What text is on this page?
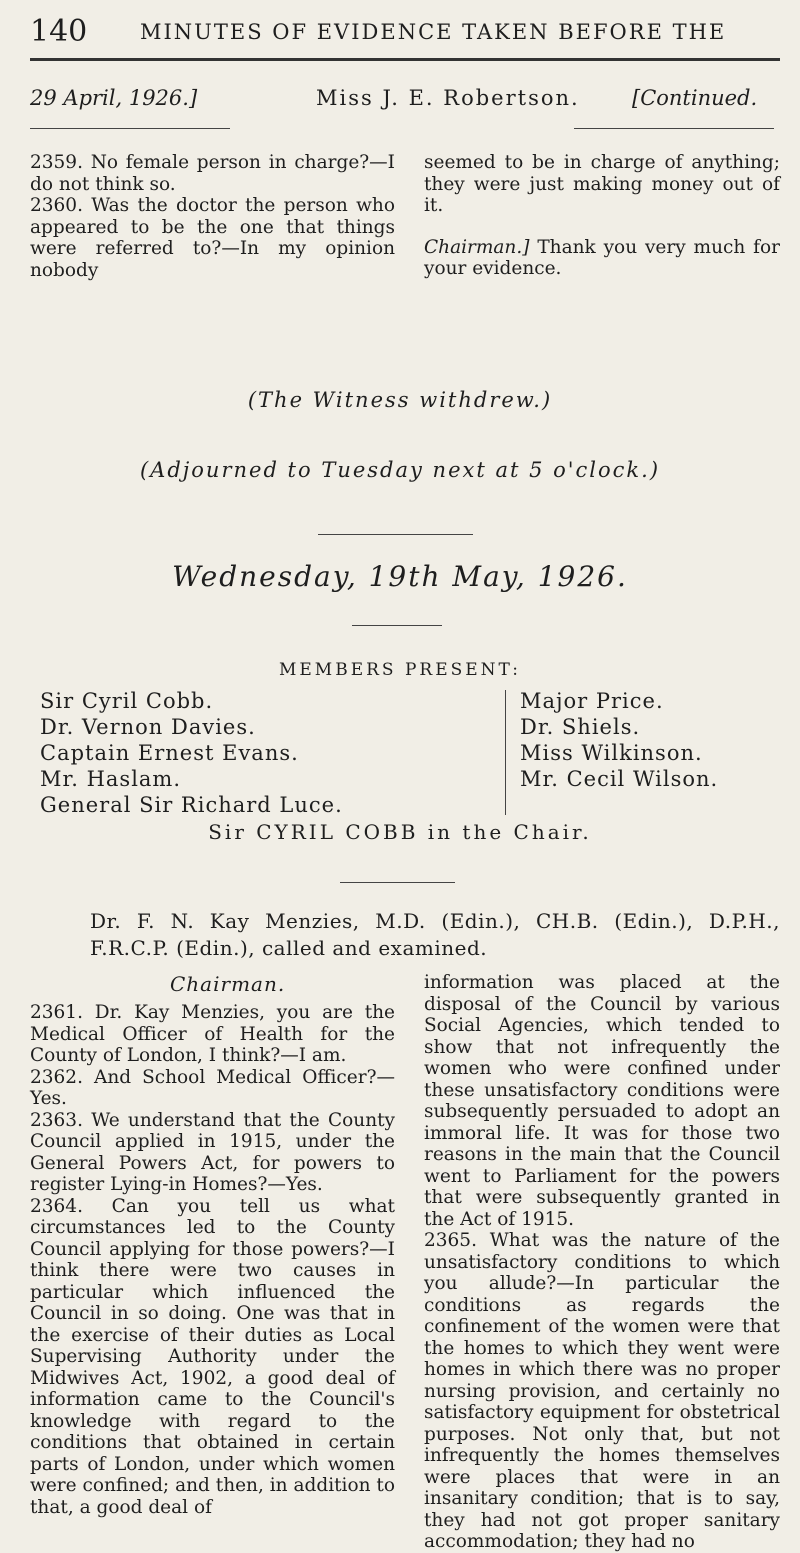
140	MINUTES OF EVIDENCE TAKEN BEFORE THE
29 April, 1926.]	Miss J. E. Robertson. [Continued.

2359. No female person in charge?—I do not think so.

2360. Was the doctor the person who appeared to be the one that things were referred to?—In my opinion nobody

seemed to be in charge of anything; they were just making money out of it.

Chairman.] Thank you very much for your evidence.

(The Witness withdrew.)
(Adjourned to Tuesday next at 5 o'clock.)
Wednesday, 19th May, 1926.
MEMBERS PRESENT:
Sir Cyril Cobb.
Dr. Vernon Davies.
Captain Ernest Evans.
Mr. Haslam.
General Sir Richard Luce.
Major Price.
Dr. Shiels.
Miss Wilkinson.
Mr. Cecil Wilson.
Sir CYRIL COBB in the Chair.
Dr. F. N. Kay Menzies, M.D. (Edin.), CH.B. (Edin.), D.P.H., F.R.C.P. (Edin.), called and examined.
Chairman.

2361. Dr. Kay Menzies, you are the Medical Officer of Health for the County of London, I think?—I am.

2362. And School Medical Officer?—Yes.

2363. We understand that the County Council applied in 1915, under the General Powers Act, for powers to register Lying-in Homes?—Yes.

2364. Can you tell us what circumstances led to the County Council applying for those powers?—I think there were two causes in particular which influenced the Council in so doing. One was that in the exercise of their duties as Local Supervising Authority under the Midwives Act, 1902, a good deal of information came to the Council's knowledge with regard to the conditions that obtained in certain parts of London, under which women were confined; and then, in addition to that, a good deal of

information was placed at the disposal of the Council by various Social Agencies, which tended to show that not infrequently the women who were confined under these unsatisfactory conditions were subsequently persuaded to adopt an immoral life. It was for those two reasons in the main that the Council went to Parliament for the powers that were subsequently granted in the Act of 1915.

2365. What was the nature of the unsatisfactory conditions to which you allude?—In particular the conditions as regards the confinement of the women were that the homes to which they went were homes in which there was no proper nursing provision, and certainly no satisfactory equipment for obstetrical purposes. Not only that, but not infrequently the homes themselves were places that were in an insanitary condition; that is to say, they had not got proper sanitary accommodation; they had no
